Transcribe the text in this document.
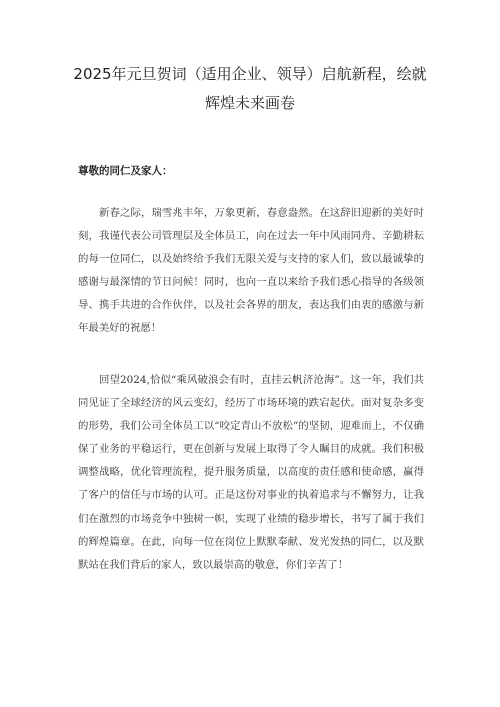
2025年元旦贺词（适用企业、领导）启航新程，绘就辉煌未来画卷
尊敬的同仁及家人：

新春之际，瑞雪兆丰年，万象更新，春意盎然。在这辞旧迎新的美好时刻，我谨代表公司管理层及全体员工，向在过去一年中风雨同舟、辛勤耕耘的每一位同仁，以及始终给予我们无限关爱与支持的家人们，致以最诚挚的感谢与最深情的节日问候！同时，也向一直以来给予我们悉心指导的各级领导、携手共进的合作伙伴，以及社会各界的朋友，表达我们由衷的感激与新年最美好的祝愿！

回望2024,恰似“乘风破浪会有时，直挂云帆济沧海”。这一年，我们共同见证了全球经济的风云变幻，经历了市场环境的跌宕起伏。面对复杂多变的形势，我们公司全体员工以“咬定青山不放松”的坚韧，迎难而上，不仅确保了业务的平稳运行，更在创新与发展上取得了令人瞩目的成就。我们积极调整战略，优化管理流程，提升服务质量，以高度的责任感和使命感，赢得了客户的信任与市场的认可。正是这份对事业的执着追求与不懈努力，让我们在激烈的市场竞争中独树一帜，实现了业绩的稳步增长，书写了属于我们的辉煌篇章。在此，向每一位在岗位上默默奉献、发光发热的同仁，以及默默站在我们背后的家人，致以最崇高的敬意，你们辛苦了！
